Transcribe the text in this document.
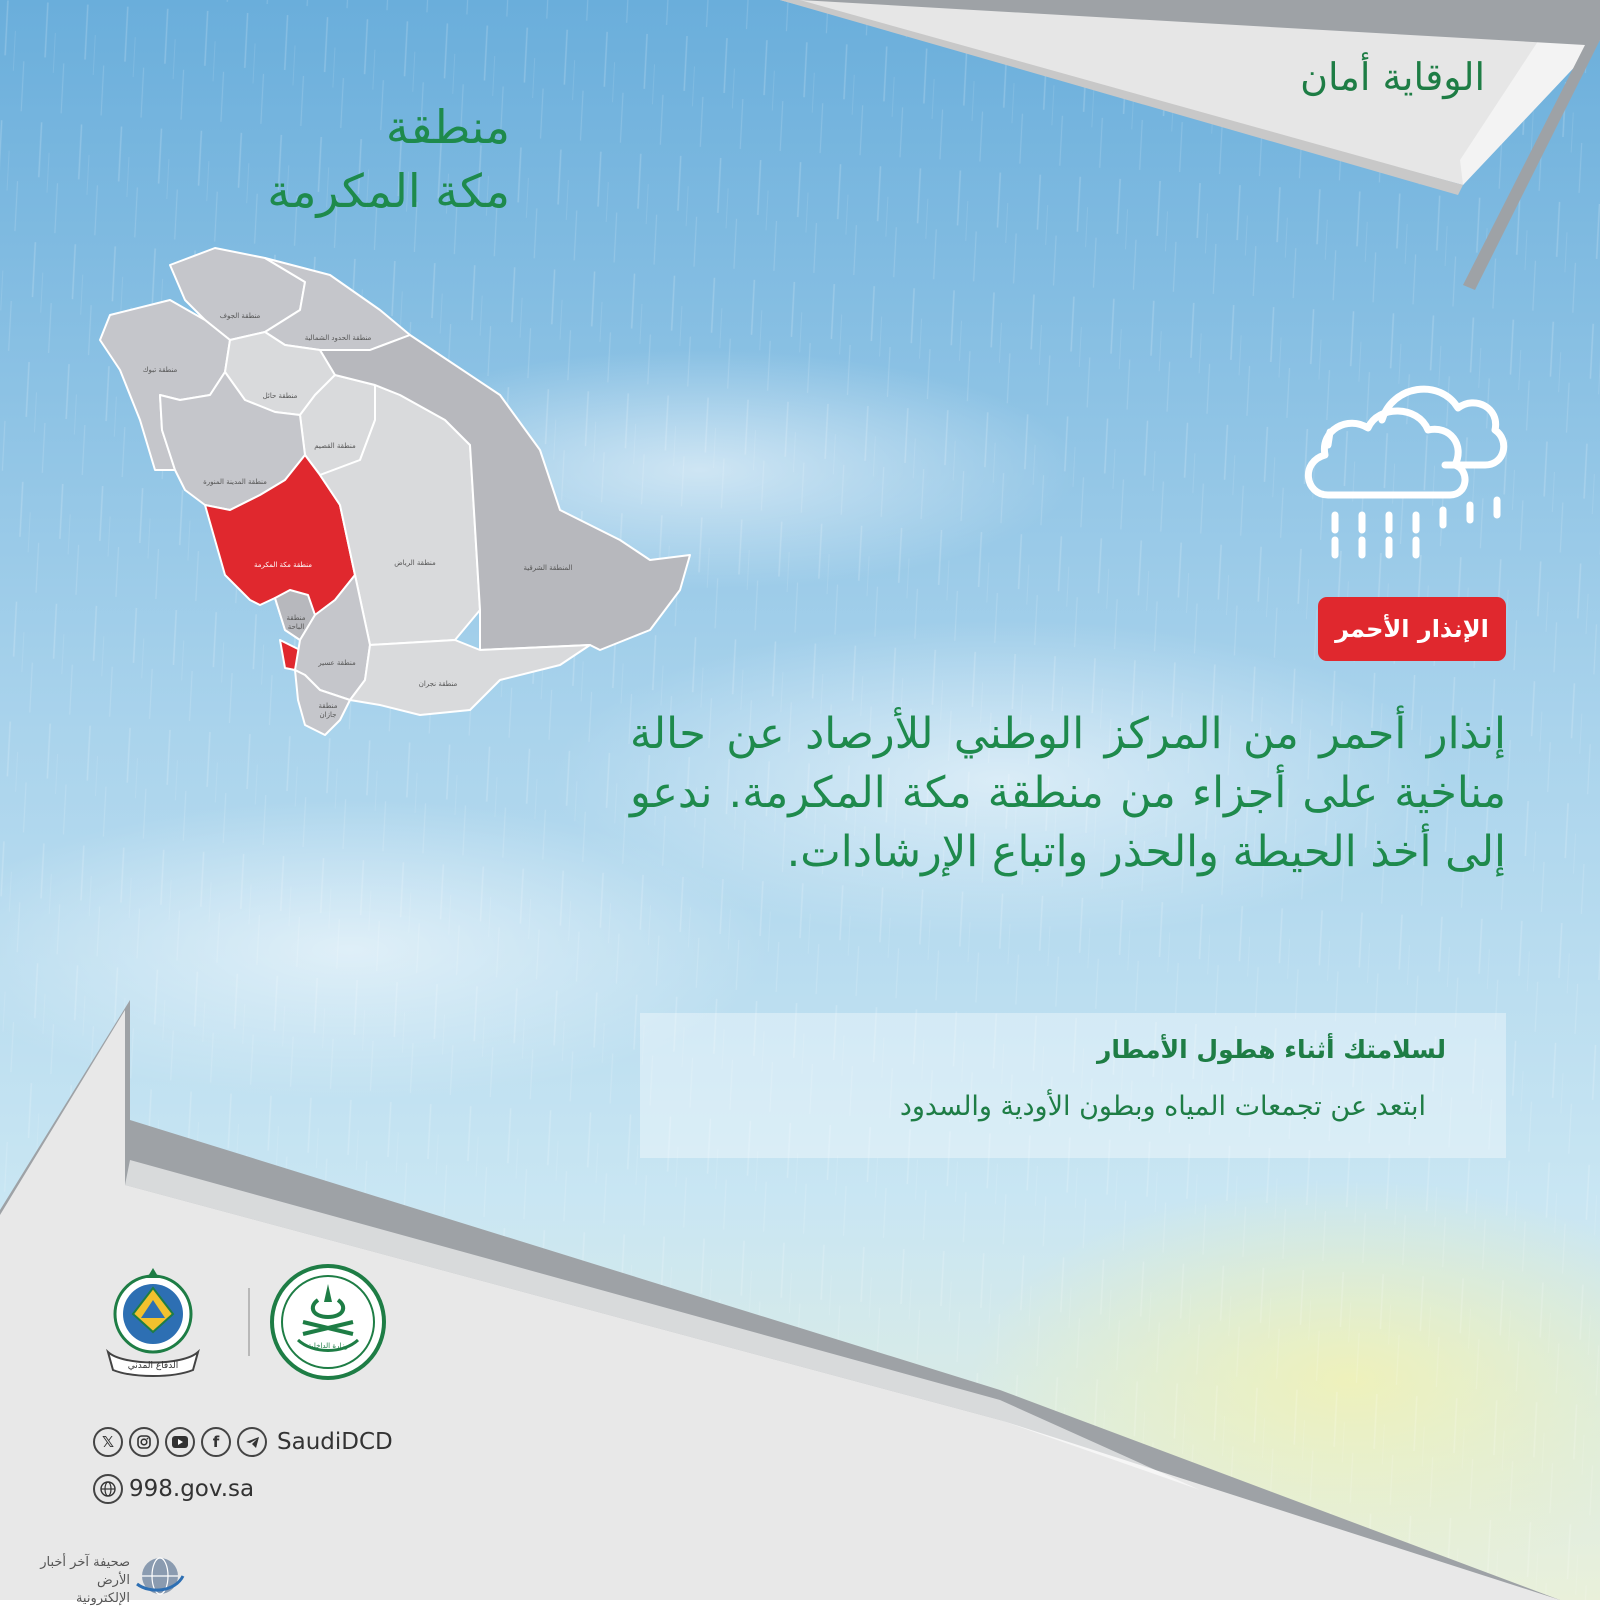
الوقاية أمان
منطقة
مكة المكرمة
منطقة الجوف
منطقة الحدود الشمالية
منطقة تبوك
منطقة حائل
منطقة القصيم
منطقة المدينة المنورة
منطقة مكة المكرمة	منطقة الرياض
المنطقة الشرقية
منطقة
الباحة
منطقة عسير
منطقة نجران
منطقة
جازان
الإنذار الأحمر
إنذار أحمر من المركز الوطني للأرصاد عن حالة مناخية على أجزاء من منطقة مكة المكرمة. ندعو إلى أخذ الحيطة والحذر واتباع الإرشادات.
لسلامتك أثناء هطول الأمطار
ابتعد عن تجمعات المياه وبطون الأودية والسدود
الدفاع المدني
وزارة الداخلية
𝕏	f	SaudiDCD
998.gov.sa
صحيفة آخر أخبار الأرض
الإلكترونية
